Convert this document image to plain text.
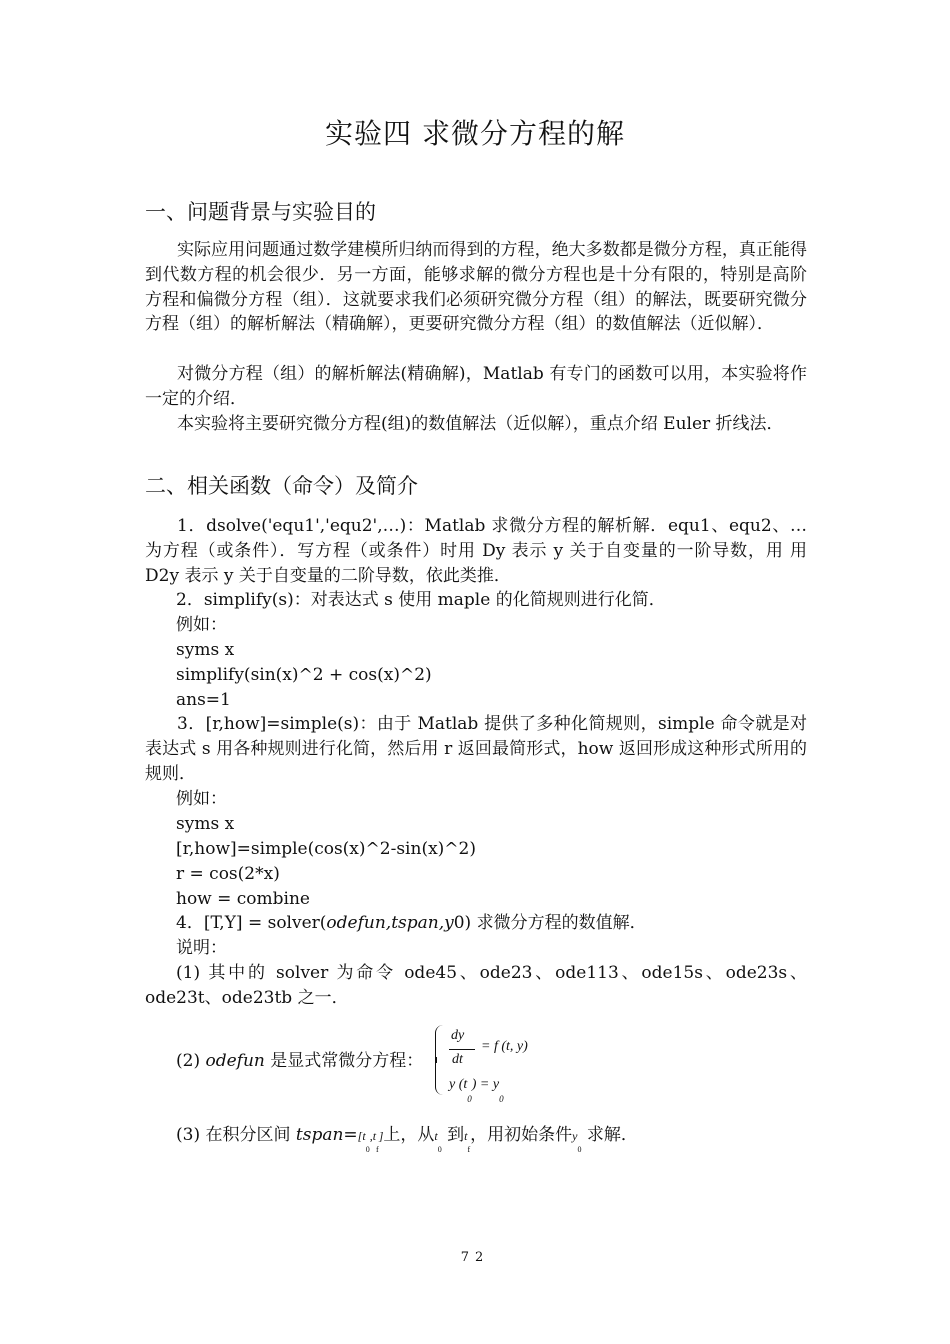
实验四 求微分方程的解
一、问题背景与实验目的
实际应用问题通过数学建模所归纳而得到的方程，绝大多数都是微分方程，真正能得到代数方程的机会很少．另一方面，能够求解的微分方程也是十分有限的，特别是高阶方程和偏微分方程（组）．这就要求我们必须研究微分方程（组）的解法，既要研究微分方程（组）的解析解法（精确解），更要研究微分方程（组）的数值解法（近似解）．
对微分方程（组）的解析解法(精确解)，Matlab 有专门的函数可以用，本实验将作一定的介绍．
本实验将主要研究微分方程(组)的数值解法（近似解），重点介绍 Euler 折线法．
二、相关函数（命令）及简介
1．dsolve('equ1','equ2',…)：Matlab 求微分方程的解析解．equ1、equ2、…为方程（或条件）．写方程（或条件）时用 Dy 表示 y 关于自变量的一阶导数，用 用 D2y 表示 y 关于自变量的二阶导数，依此类推．
2．simplify(s)：对表达式 s 使用 maple 的化简规则进行化简．
例如：
syms x
simplify(sin(x)^2 + cos(x)^2)
ans=1
3．[r,how]=simple(s)：由于 Matlab 提供了多种化简规则，simple 命令就是对表达式 s 用各种规则进行化简，然后用 r 返回最简形式，how 返回形成这种形式所用的规则．
例如：
syms x
[r,how]=simple(cos(x)^2-sin(x)^2)
r = cos(2*x)
how = combine
4．[T,Y] = solver(odefun,tspan,y0) 求微分方程的数值解．
说明：
(1) 其中的 solver 为命令 ode45、ode23、ode113、ode15s、ode23s、ode23t、ode23tb 之一．
(2) odefun 是显式常微分方程：
dy
dt
= f (t, y)
y $(t_0) = y_0$
(3) 在积分区间 $tspan=[t_0,t_f]$上，从$t_0$ 到$t_f$，用初始条件$y_0$ 求解．
72
